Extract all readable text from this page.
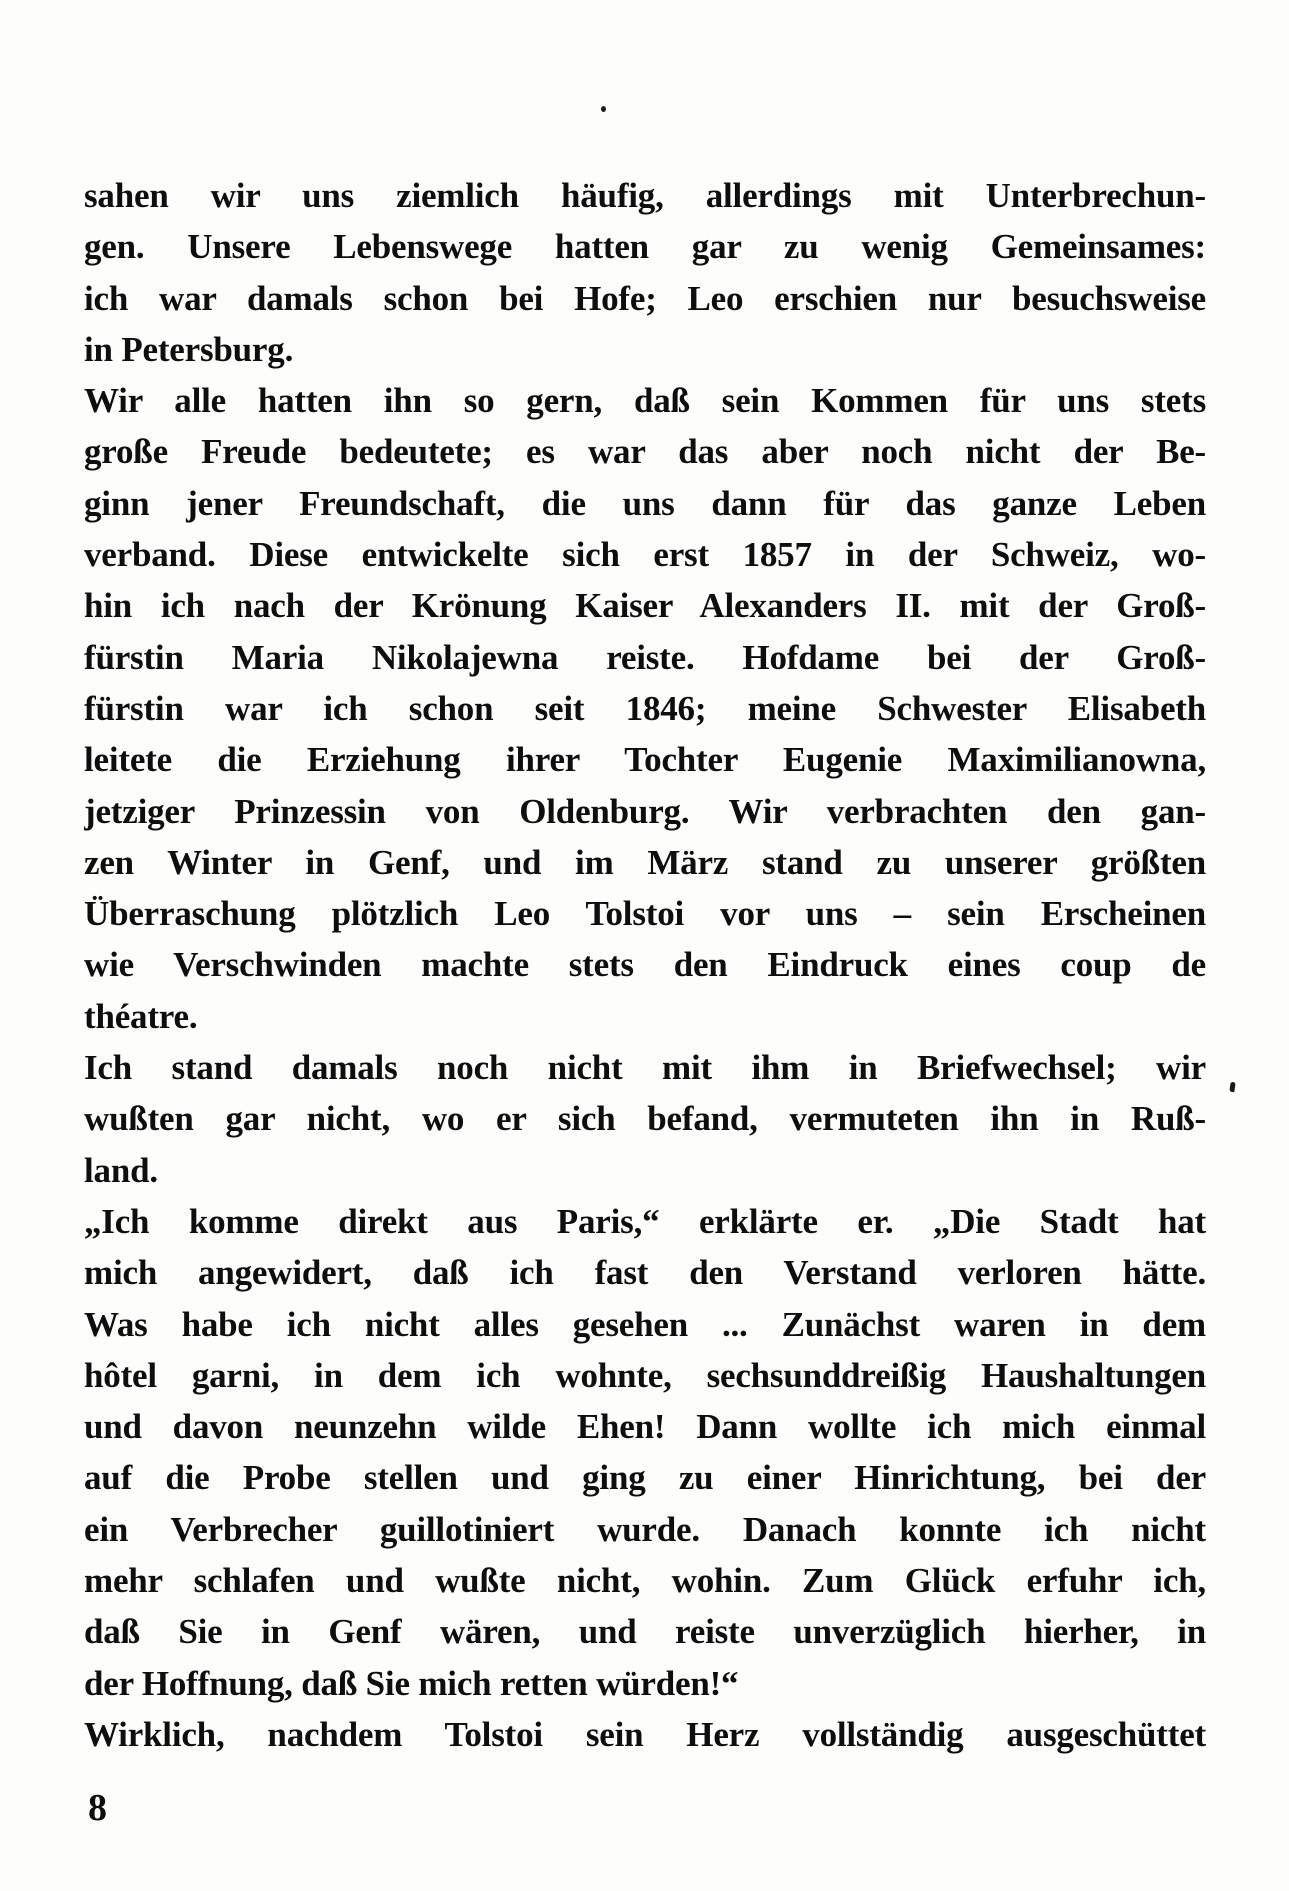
sahen wir uns ziemlich häufig, allerdings mit Unterbrechun-
gen. Unsere Lebenswege hatten gar zu wenig Gemeinsames:
ich war damals schon bei Hofe; Leo erschien nur besuchsweise
in Petersburg.
Wir alle hatten ihn so gern, daß sein Kommen für uns stets
große Freude bedeutete; es war das aber noch nicht der Be-
ginn jener Freundschaft, die uns dann für das ganze Leben
verband. Diese entwickelte sich erst 1857 in der Schweiz, wo-
hin ich nach der Krönung Kaiser Alexanders II. mit der Groß-
fürstin Maria Nikolajewna reiste. Hofdame bei der Groß-
fürstin war ich schon seit 1846; meine Schwester Elisabeth
leitete die Erziehung ihrer Tochter Eugenie Maximilianowna,
jetziger Prinzessin von Oldenburg. Wir verbrachten den gan-
zen Winter in Genf, und im März stand zu unserer größten
Überraschung plötzlich Leo Tolstoi vor uns – sein Erscheinen
wie Verschwinden machte stets den Eindruck eines coup de
théatre.
Ich stand damals noch nicht mit ihm in Briefwechsel; wir
wußten gar nicht, wo er sich befand, vermuteten ihn in Ruß-
land.
„Ich komme direkt aus Paris,“ erklärte er. „Die Stadt hat
mich angewidert, daß ich fast den Verstand verloren hätte.
Was habe ich nicht alles gesehen ... Zunächst waren in dem
hôtel garni, in dem ich wohnte, sechsunddreißig Haushaltungen
und davon neunzehn wilde Ehen! Dann wollte ich mich einmal
auf die Probe stellen und ging zu einer Hinrichtung, bei der
ein Verbrecher guillotiniert wurde. Danach konnte ich nicht
mehr schlafen und wußte nicht, wohin. Zum Glück erfuhr ich,
daß Sie in Genf wären, und reiste unverzüglich hierher, in
der Hoffnung, daß Sie mich retten würden!“
Wirklich, nachdem Tolstoi sein Herz vollständig ausgeschüttet
8
